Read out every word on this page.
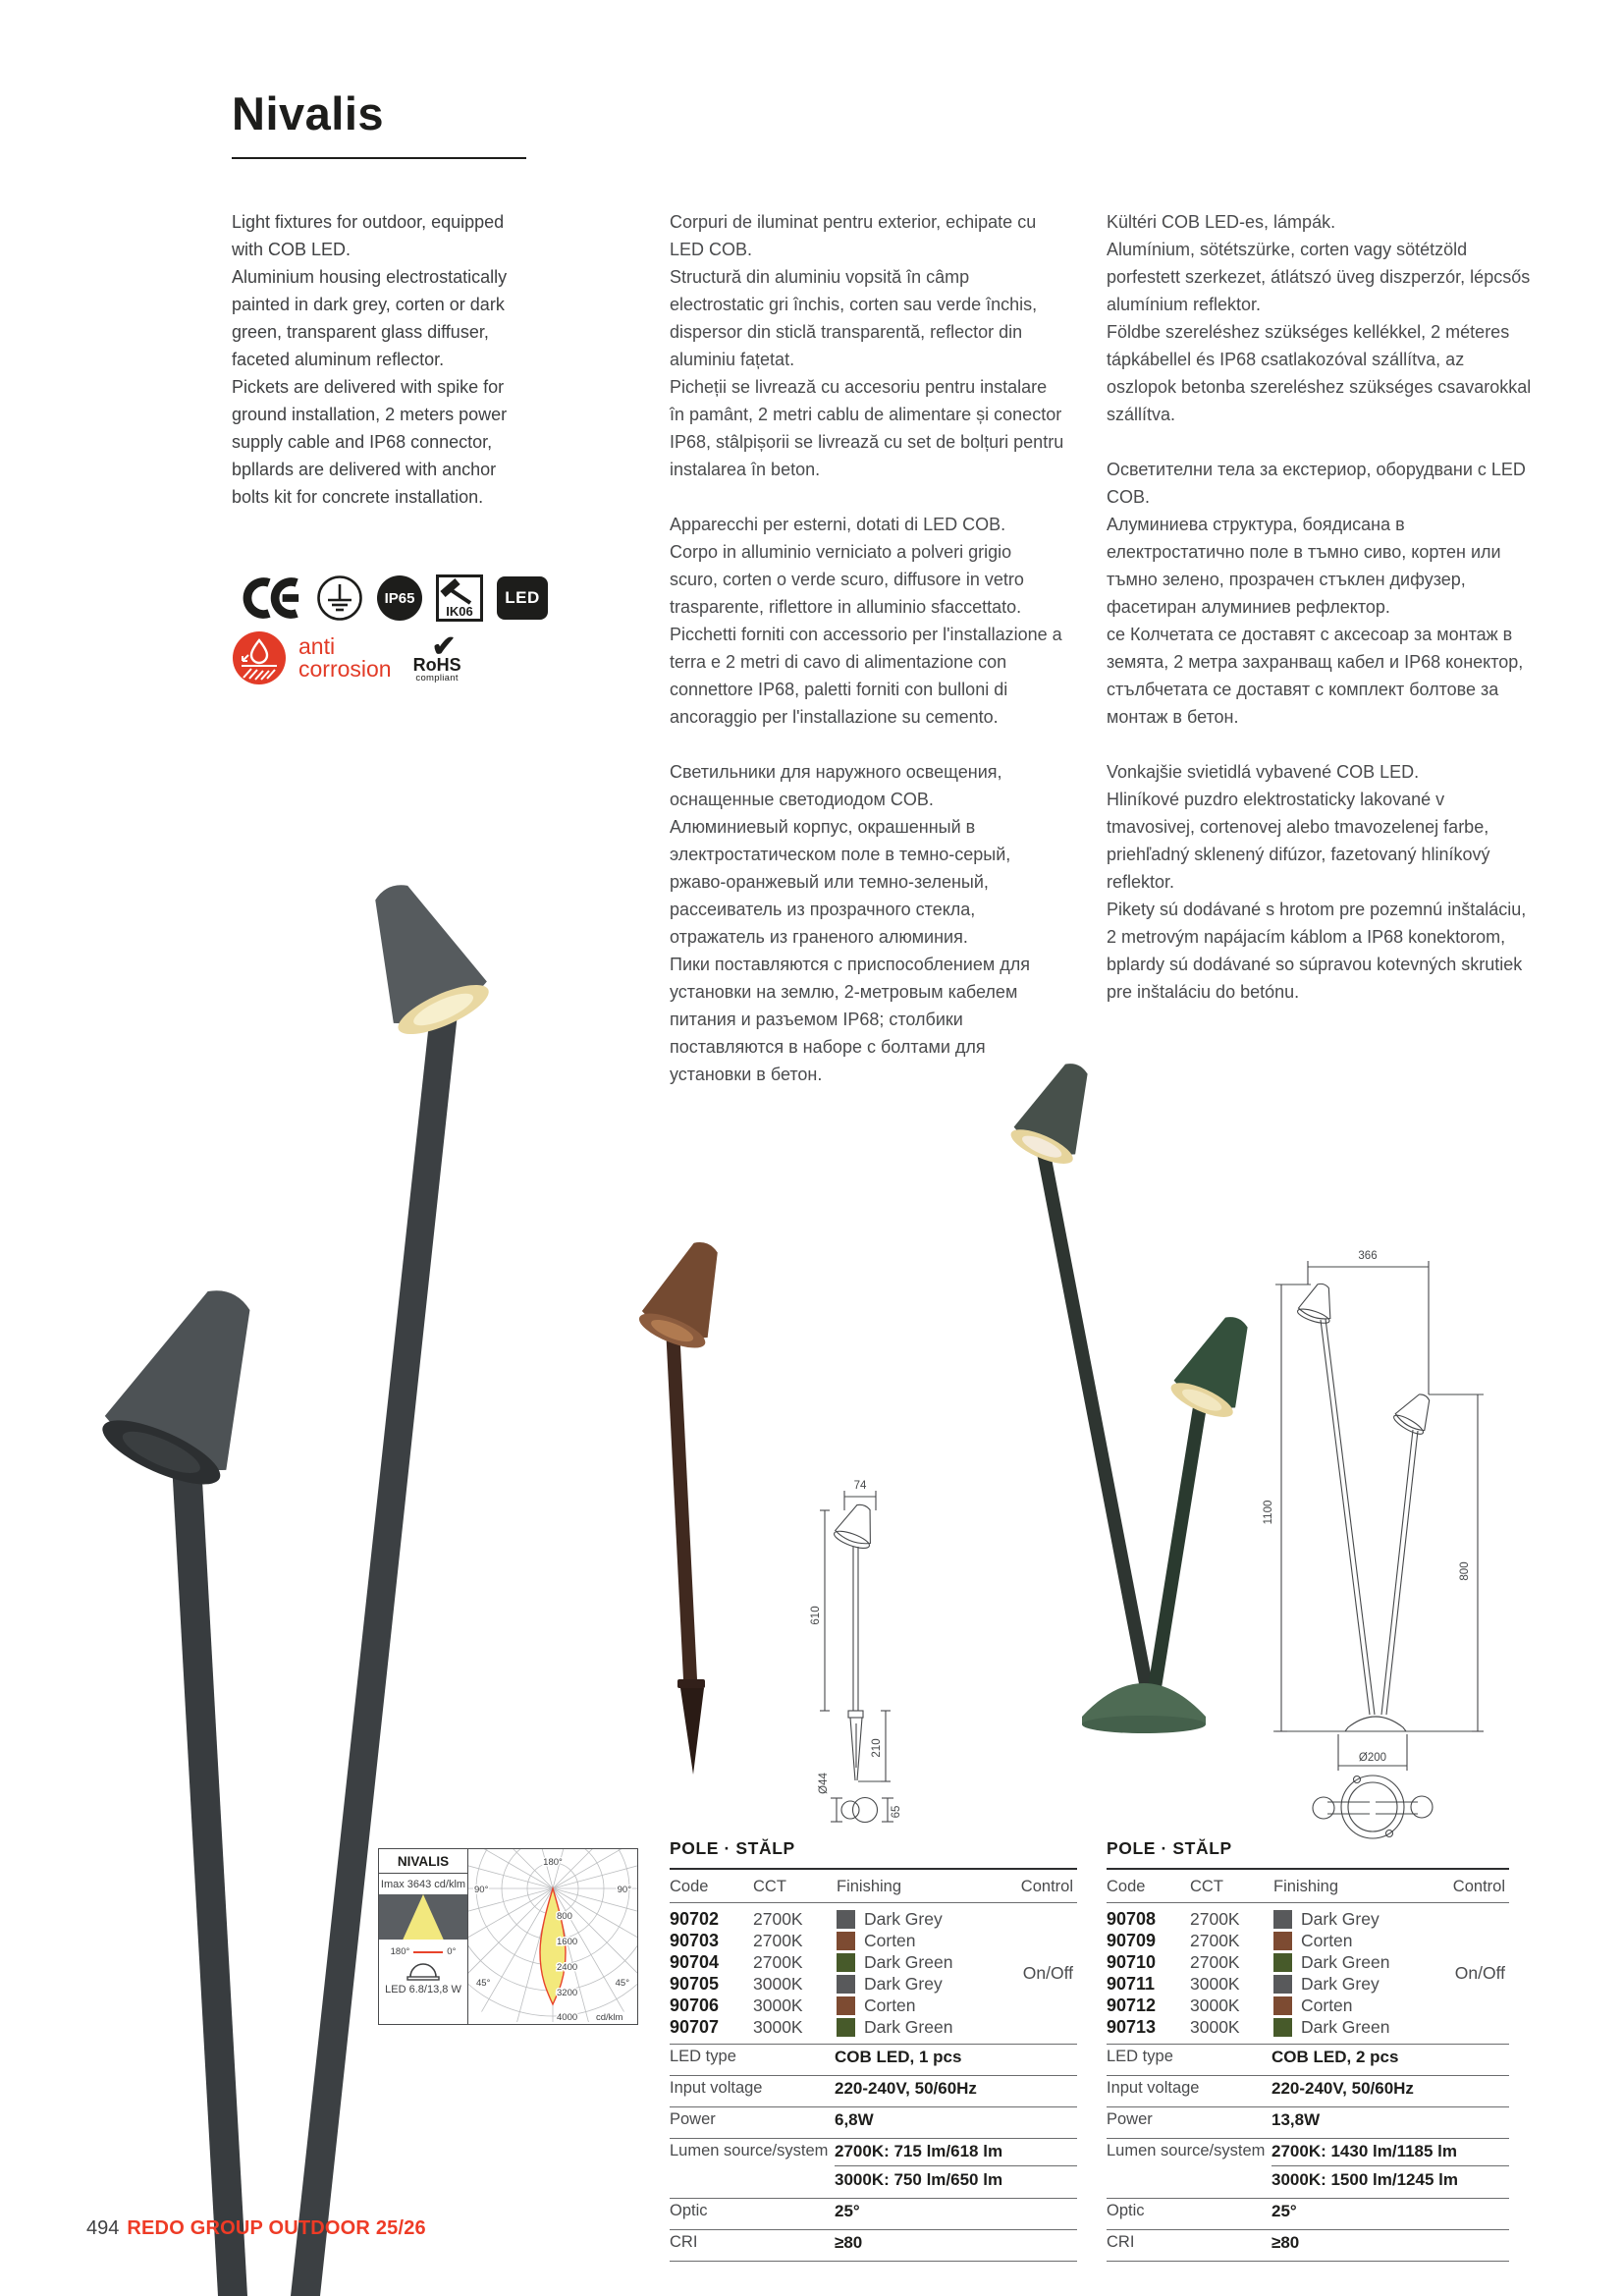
Nivalis
Light fixtures for outdoor, equipped with COB LED.
Aluminium housing electrostatically painted in dark grey, corten or dark green, transparent glass diffuser, faceted aluminum reflector.
Pickets are delivered with spike for ground installation, 2 meters power supply cable and IP68 connector, bpllards are delivered with anchor bolts kit for concrete installation.
Corpuri de iluminat pentru exterior, echipate cu LED COB.
Structură din aluminiu vopsită în câmp electrostatic gri închis, corten sau verde închis, dispersor din sticlă transparentă, reflector din aluminiu fațetat.
Picheții se livrează cu accesoriu pentru instalare în pamânt, 2 metri cablu de alimentare și conector IP68, stâlpișorii se livrează cu set de bolțuri pentru instalarea în beton.
Apparecchi per esterni, dotati di LED COB.
Corpo in alluminio verniciato a polveri grigio scuro, corten o verde scuro, diffusore in vetro trasparente, riflettore in alluminio sfaccettato.
Picchetti forniti con accessorio per l'installazione a terra e 2 metri di cavo di alimentazione con connettore IP68, paletti forniti con bulloni di ancoraggio per l'installazione su cemento.
Светильники для наружного освещения, оснащенные светодиодом COB.
Алюминиевый корпус, окрашенный в электростатическом поле в темно-серый, ржаво-оранжевый или темно-зеленый, рассеиватель из прозрачного стекла, отражатель из граненого алюминия.
Пики поставляются с приспособлением для установки на землю, 2-метровым кабелем питания и разъемом IP68; столбики поставляются в наборе с болтами для установки в бетон.
Kültéri COB LED-es, lámpák.
Alumínium, sötétszürke, corten vagy sötétzöld porfestett szerkezet, átlátszó üveg diszperzór, lépcsős alumínium reflektor.
Földbe szereléshez szükséges kellékkel, 2 méteres tápkábellel és IP68 csatlakozóval szállítva, az oszlopok betonba szereléshez szükséges csavarokkal szállítva.
Осветителни тела за екстериор, оборудвани с LED COB.
Алуминиева структура, боядисана в електростатично поле в тъмно сиво, кортен или тъмно зелено, прозрачен стъклен дифузер, фасетиран алуминиев рефлектор.
се Колчетата се доставят с аксесоар за монтаж в земята, 2 метра захранващ кабел и IP68 конектор, стълбчетата се доставят с комплект болтове за монтаж в бетон.
Vonkajšie svietidlá vybavené COB LED.
Hliníkové puzdro elektrostaticky lakované v tmavosivej, cortenovej alebo tmavozelenej farbe, priehľadný sklenený difúzor, fazetovaný hliníkový reflektor.
Pikety sú dodávané s hrotom pre pozemnú inštaláciu, 2 metrovým napájacím káblom a IP68 konektorom, bplardy sú dodávané so súpravou kotevných skrutiek pre inštaláciu do betónu.
IP65
IK06
LED
anti
corrosion
✔
RoHS
compliant
74
610
210
Ø44
65
366
1100
800
Ø200
NIVALIS
Imax 3643 cd/klm
180°	0°
LED 6.8/13,8 W
180°
90°	90°
45°	45°
800
1600
2400
3200
4000 cd/klm
POLE · STĂLP
Code	CCT	Finishing	Control
90702	2700K	Dark Grey
90703	2700K	Corten
90704	2700K	Dark Green
90705	3000K	Dark Grey
90706	3000K	Corten
90707	3000K	Dark Green
On/Off
LED type	COB LED, 1 pcs
Input voltage	220-240V, 50/60Hz
Power	6,8W
Lumen source/system 2700K: 715 lm/618 lm
3000K: 750 lm/650 lm
Optic	25°
CRI	≥80
POLE · STĂLP
Code	CCT	Finishing	Control
90708	2700K	Dark Grey
90709	2700K	Corten
90710	2700K	Dark Green
90711	3000K	Dark Grey
90712	3000K	Corten
90713	3000K	Dark Green
On/Off
LED type	COB LED, 2 pcs
Input voltage	220-240V, 50/60Hz
Power	13,8W
Lumen source/system 2700K: 1430 lm/1185 lm
3000K: 1500 lm/1245 lm
Optic	25°
CRI	≥80
494 REDO GROUP OUTDOOR 25/26
